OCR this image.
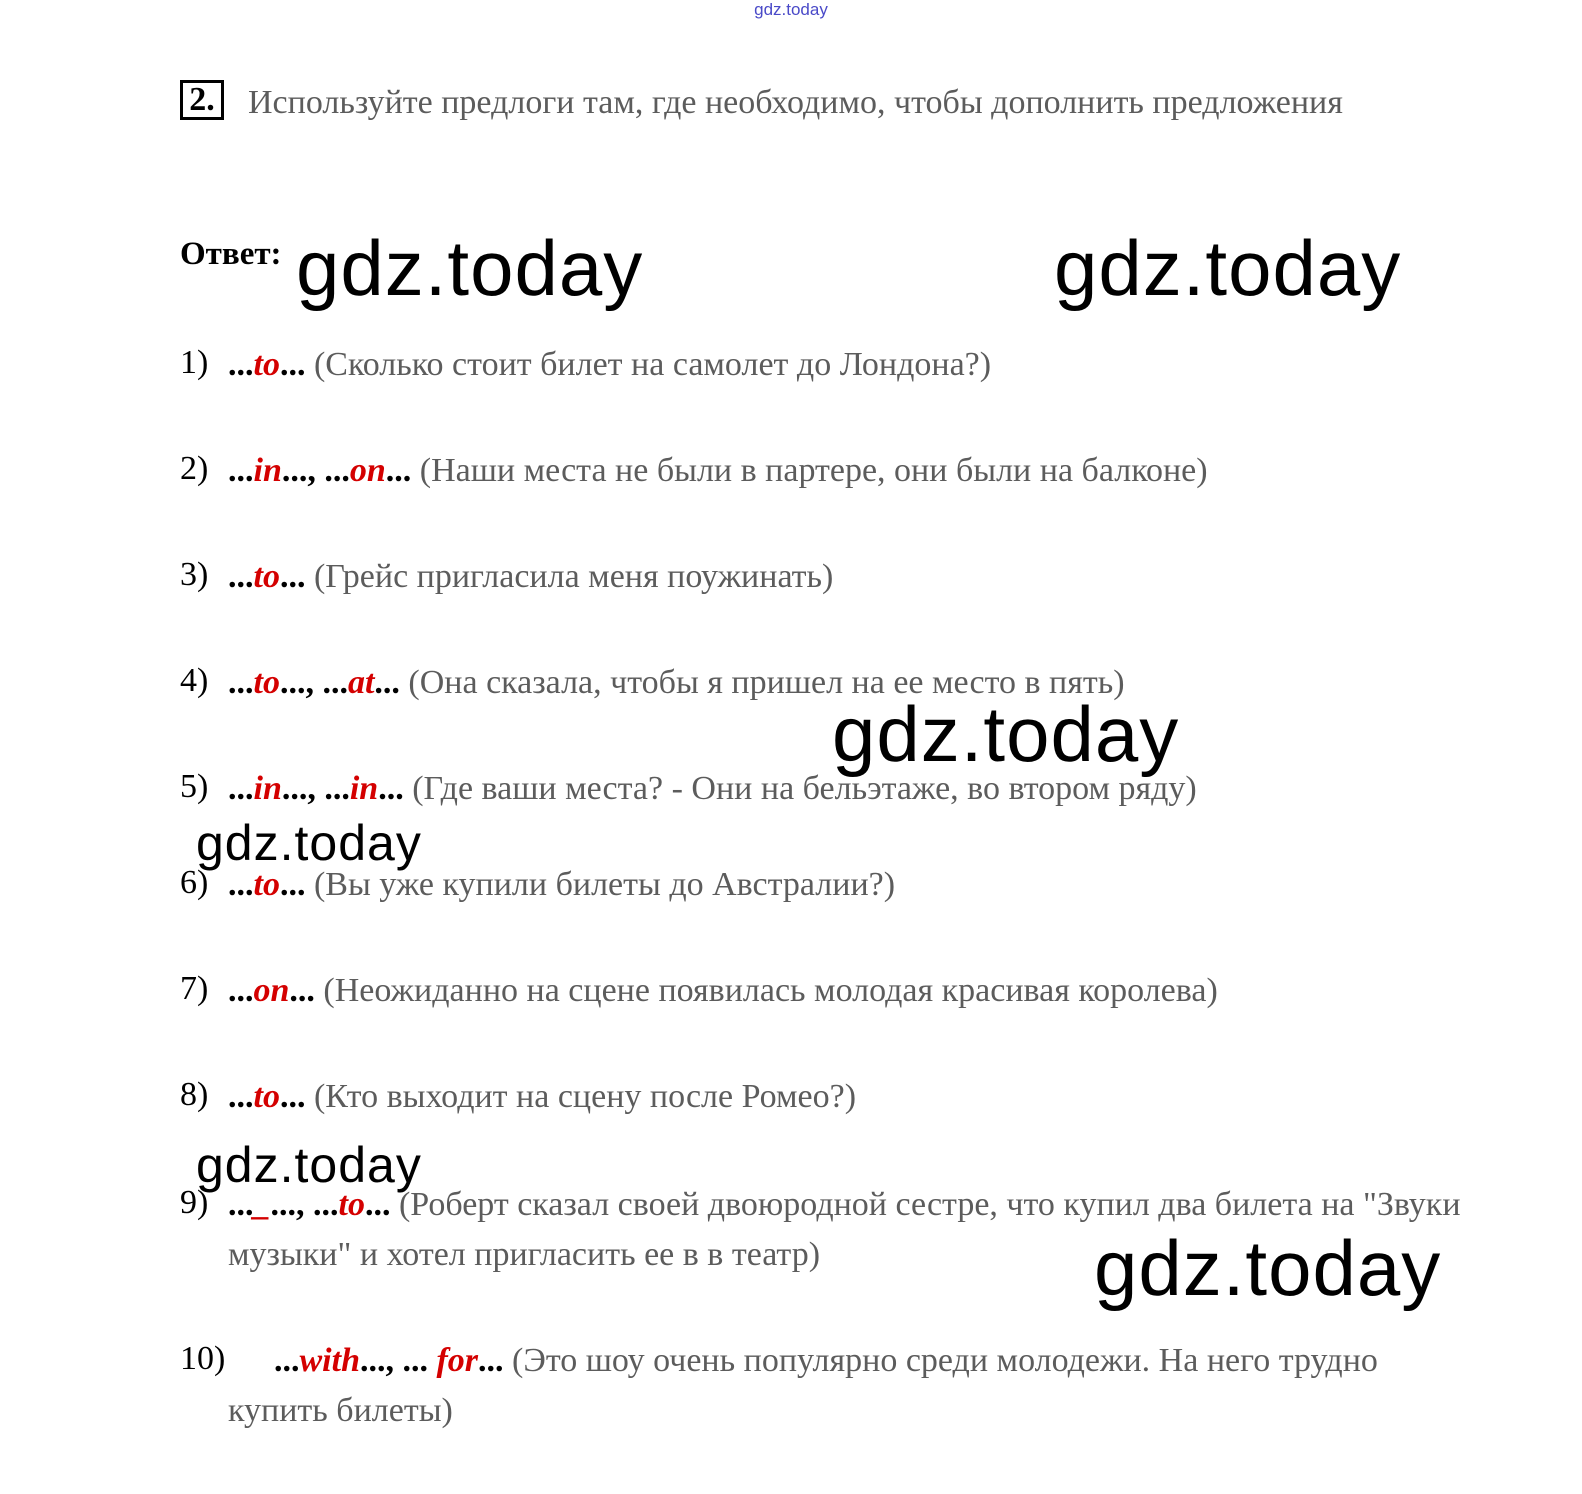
gdz.today
Используйте предлоги там, где необходимо, чтобы дополнить предложения
2.
Ответ:
1) ...to... (Сколько стоит билет на самолет до Лондона?)
2) ...in..., ...on... (Наши места не были в партере, они были на балконе)
3) ...to... (Грейс пригласила меня поужинать)
4) ...to..., ...at... (Она сказала, чтобы я пришел на ее место в пять)
5) ...in..., ...in... (Где ваши места? - Они на бельэтаже, во втором ряду)
6) ...to... (Вы уже купили билеты до Австралии?)
7) ...on... (Неожиданно на сцене появилась молодая красивая королева)
8) ...to... (Кто выходит на сцену после Ромео?)
9) ..._..., ...to... (Роберт сказал своей двоюродной сестре, что купил два билета на "Звуки музыки" и хотел пригласить ее в в театр)
10)	...with..., ... for... (Это шоу очень популярно среди молодежи. На него трудно купить билеты)
gdz.today	gdz.today
gdz.today
gdz.today
gdz.today
gdz.today
